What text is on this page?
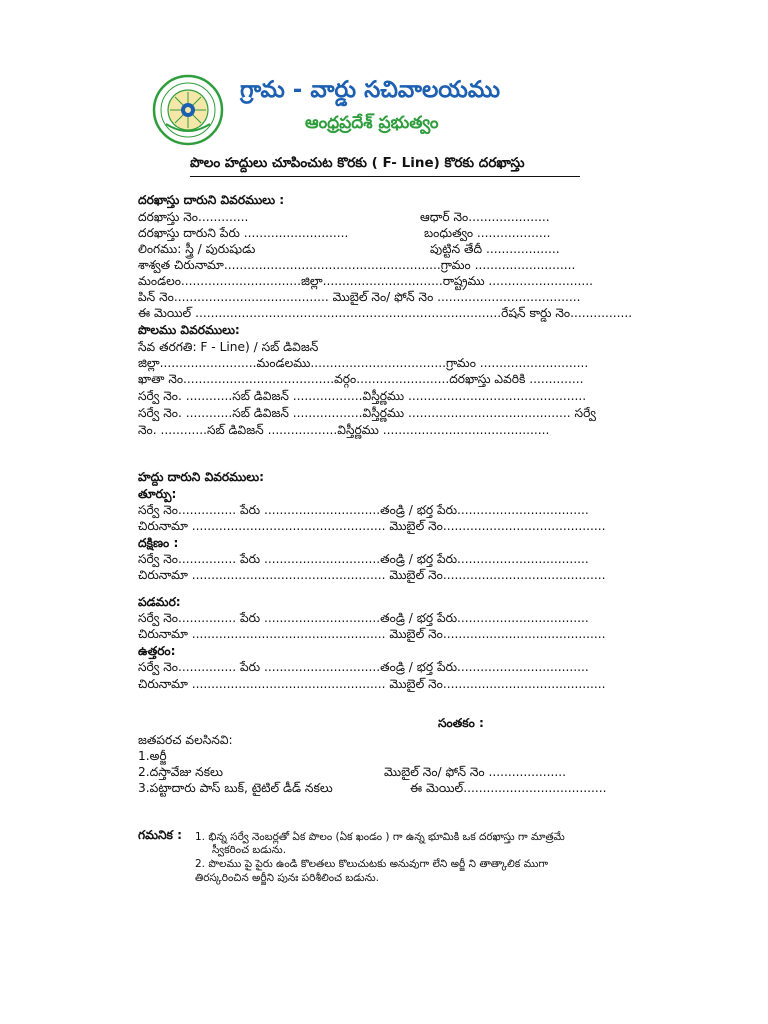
గ్రామ - వార్డు సచివాలయము
ఆంధ్రప్రదేశ్ ప్రభుత్వం
పొలం హద్దులు చూపించుట కొరకు ( F- Line) కొరకు దరఖాస్తు
దరఖాస్తు దారుని వివరములు :
దరఖాస్తు నెం.............	ఆధార్ నెం.....................
దరఖాస్తు దారుని పేరు ...........................	బంధుత్వం ...................
లింగము: స్త్రీ / పురుషుడు	పుట్టిన తేదీ ...................
శాశ్వత చిరునామా........................................................గ్రామం ..........................
మండలం...............................జిల్లా...............................రాష్ట్రము ...........................
పిన్ నెం........................................ మొబైల్ నెం/ ఫోన్ నెం .....................................
ఈ మెయిల్ ...............................................................................రేషన్ కార్డు నెం................
పొలము వివరములు:
సేవ తరగతి: F - Line) / సబ్ డివిజన్
జిల్లా.........................మండలము...................................గ్రామం ............................
ఖాతా నెం.......................................వర్గం........................దరఖాస్తు ఎవరికి ..............
సర్వే నెం. ............సబ్ డివిజన్ ..................విస్తీర్ణము ..............................................
సర్వే నెం. ............సబ్ డివిజన్ ..................విస్తీర్ణము .......................................... సర్వే
నెం. ............సబ్ డివిజన్ ..................విస్తీర్ణము ...........................................
హద్దు దారుని వివరములు:
తూర్పు:
సర్వే నెం............... పేరు ..............................తండ్రి / భర్త పేరు..................................
చిరునామా .................................................. మొబైల్ నెం..........................................
దక్షిణం :
సర్వే నెం............... పేరు ..............................తండ్రి / భర్త పేరు..................................
చిరునామా .................................................. మొబైల్ నెం..........................................
పడమర:
సర్వే నెం............... పేరు ..............................తండ్రి / భర్త పేరు..................................
చిరునామా .................................................. మొబైల్ నెం..........................................
ఉత్తరం:
సర్వే నెం............... పేరు ..............................తండ్రి / భర్త పేరు..................................
చిరునామా .................................................. మొబైల్ నెం..........................................
సంతకం :
జతపరచ వలసినవి:
1.అర్జీ
2.దస్తావేజు నకలు	మొబైల్ నెం/ ఫోన్ నెం ....................
3.పట్టాదారు పాస్ బుక్, టైటిల్ డీడ్ నకలు	ఈ మెయిల్.....................................
గమనిక : 1. భిన్న సర్వే నెంబర్లతో ఏక పొలం (ఏక ఖండం ) గా ఉన్న భూమికి ఒక దరఖాస్తు గా మాత్రమే
స్వీకరించ బడును.
2. పొలము పై పైరు ఉండి కొలతలు కొలుచుటకు అనువుగా లేని అర్జీ ని తాత్కాలిక ముగా
తిరస్కరించిన అర్జీని పునః పరిశీలించ బడును.
